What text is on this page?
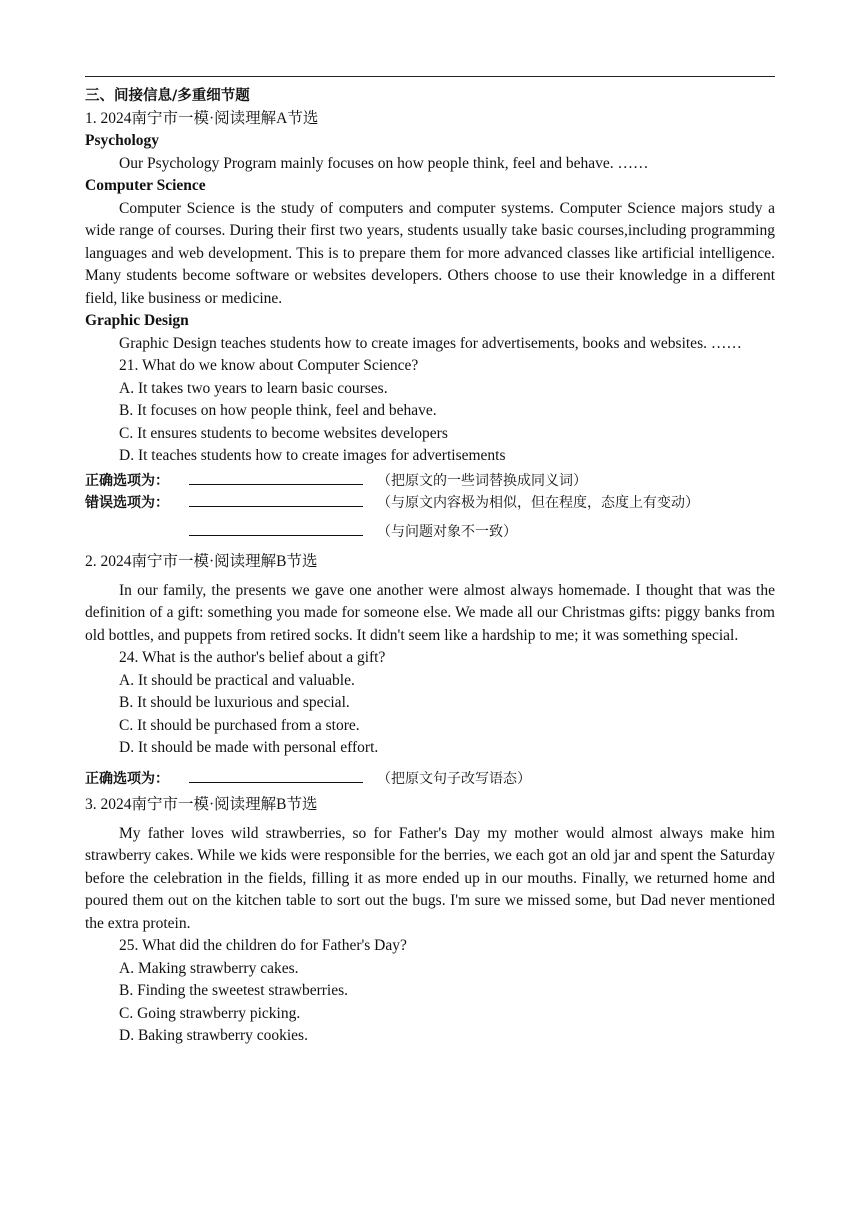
三、间接信息/多重细节题

1. 2024南宁市一模·阅读理解A节选

Psychology

Our Psychology Program mainly focuses on how people think, feel and behave. ……

Computer Science

Computer Science is the study of computers and computer systems. Computer Science majors study a wide range of courses. During their first two years, students usually take basic courses,including programming languages and web development. This is to prepare them for more advanced classes like artificial intelligence. Many students become software or websites developers. Others choose to use their knowledge in a different field, like business or medicine.

Graphic Design

Graphic Design teaches students how to create images for advertisements, books and websites. ……

21. What do we know about Computer Science?

A. It takes two years to learn basic courses.

B. It focuses on how people think, feel and behave.

C. It ensures students to become websites developers

D. It teaches students how to create images for advertisements

正确选项为：	（把原文的一些词替换成同义词）
错误选项为：	（与原文内容极为相似，但在程度，态度上有变动）
（与问题对象不一致）

2. 2024南宁市一模·阅读理解B节选

In our family, the presents we gave one another were almost always homemade. I thought that was the definition of a gift: something you made for someone else. We made all our Christmas gifts: piggy banks from old bottles, and puppets from retired socks. It didn't seem like a hardship to me; it was something special.

24. What is the author's belief about a gift?

A. It should be practical and valuable.

B. It should be luxurious and special.

C. It should be purchased from a store.

D. It should be made with personal effort.

正确选项为：	（把原文句子改写语态）

3. 2024南宁市一模·阅读理解B节选

My father loves wild strawberries, so for Father's Day my mother would almost always make him strawberry cakes. While we kids were responsible for the berries, we each got an old jar and spent the Saturday before the celebration in the fields, filling it as more ended up in our mouths. Finally, we returned home and poured them out on the kitchen table to sort out the bugs. I'm sure we missed some, but Dad never mentioned the extra protein.

25. What did the children do for Father's Day?

A. Making strawberry cakes.

B. Finding the sweetest strawberries.

C. Going strawberry picking.

D. Baking strawberry cookies.
